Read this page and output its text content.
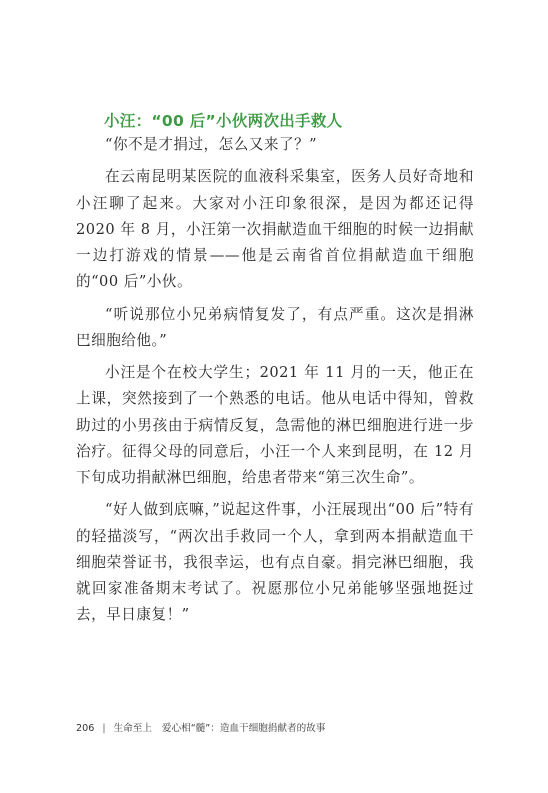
小汪：“00 后”小伙两次出手救人

“你不是才捐过，怎么又来了？”

在云南昆明某医院的血液科采集室，医务人员好奇地和小汪聊了起来。大家对小汪印象很深，是因为都还记得 2020 年 8 月，小汪第一次捐献造血干细胞的时候一边捐献一边打游戏的情景——他是云南省首位捐献造血干细胞的“00 后”小伙。

“听说那位小兄弟病情复发了，有点严重。这次是捐淋巴细胞给他。”

小汪是个在校大学生；2021 年 11 月的一天，他正在上课，突然接到了一个熟悉的电话。他从电话中得知，曾救助过的小男孩由于病情反复，急需他的淋巴细胞进行进一步治疗。征得父母的同意后，小汪一个人来到昆明，在 12 月下旬成功捐献淋巴细胞，给患者带来“第三次生命”。

“好人做到底嘛，”说起这件事，小汪展现出“00 后”特有的轻描淡写，“两次出手救同一个人，拿到两本捐献造血干细胞荣誉证书，我很幸运，也有点自豪。捐完淋巴细胞，我就回家准备期末考试了。祝愿那位小兄弟能够坚强地挺过去，早日康复！”

206 | 生命至上 爱心相“髓”：造血干细胞捐献者的故事
